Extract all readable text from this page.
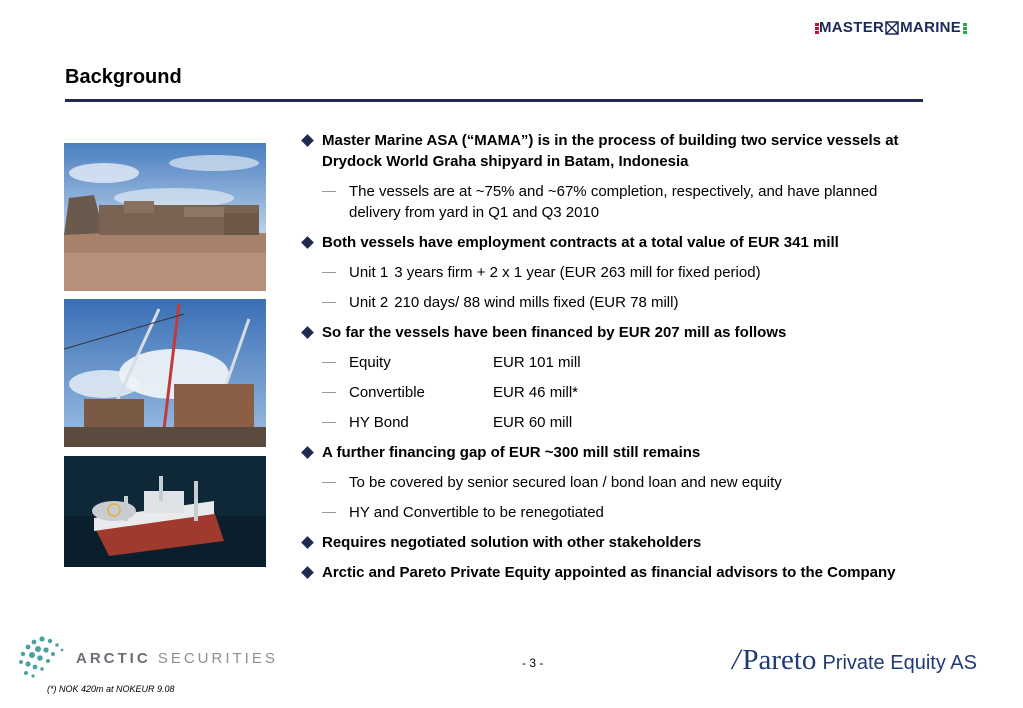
MASTER MARINE
Background
Master Marine ASA (“MAMA”) is in the process of building two service vessels at Drydock World Graha shipyard in Batam, Indonesia
The vessels are at ~75% and ~67% completion, respectively, and have planned delivery from yard in Q1 and Q3 2010
Both vessels have employment contracts at a total value of EUR 341 mill
Unit 1 3 years firm + 2 x 1 year (EUR 263 mill for fixed period)
Unit 2 210 days/ 88 wind mills fixed (EUR 78 mill)
So far the vessels have been financed by EUR 207 mill as follows
Equity	EUR 101 mill
Convertible	EUR 46 mill*
HY Bond	EUR 60 mill
A further financing gap of EUR ~300 mill still remains
To be covered by senior secured loan / bond loan and new equity
HY and Convertible to be renegotiated
Requires negotiated solution with other stakeholders
Arctic and Pareto Private Equity appointed as financial advisors to the Company
ARCTIC SECURITIES	- 3 -	/ Pareto Private Equity AS
(*) NOK 420m at NOKEUR 9.08
